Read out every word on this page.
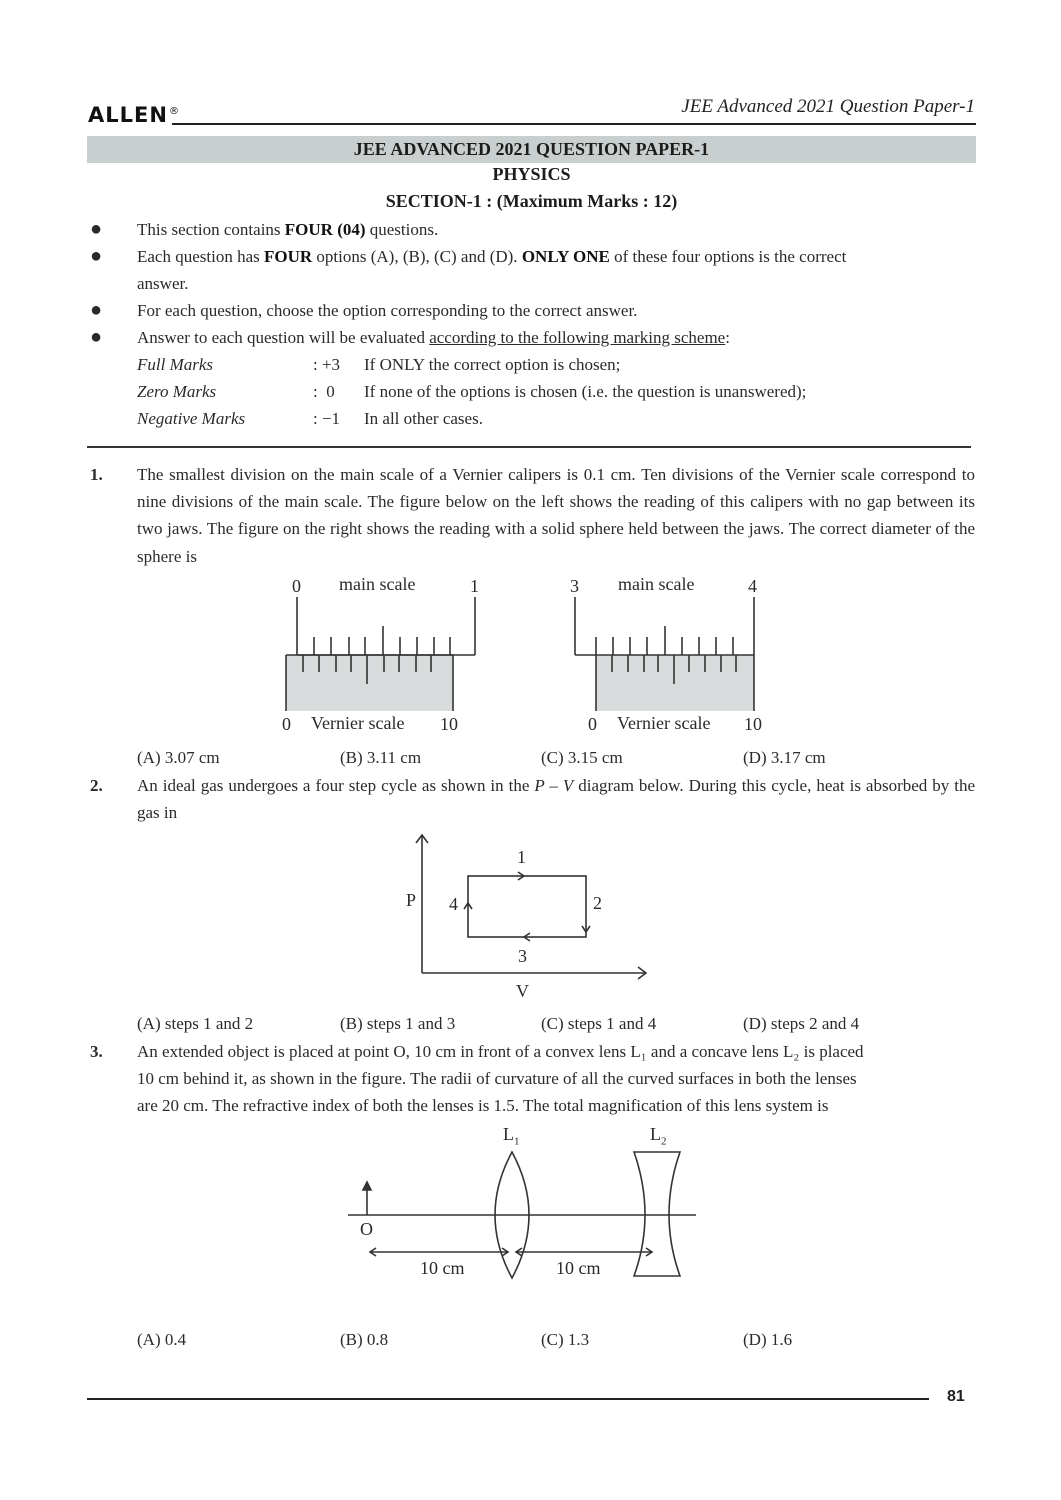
ALLEN®	JEE Advanced 2021 Question Paper-1
JEE ADVANCED 2021 QUESTION PAPER-1
PHYSICS
SECTION-1 : (Maximum Marks : 12)
● This section contains FOUR (04) questions.
● Each question has FOUR options (A), (B), (C) and (D). ONLY ONE of these four options is the correct
answer.
● For each question, choose the option corresponding to the correct answer.
● Answer to each question will be evaluated according to the following marking scheme:
Full Marks	: +3 If ONLY the correct option is chosen;
Zero Marks	:  0 If none of the options is chosen (i.e. the question is unanswered);
Negative Marks	: −1 In all other cases.
1. The smallest division on the main scale of a Vernier calipers is 0.1 cm. Ten divisions of the Vernier scale correspond to nine divisions of the main scale. The figure below on the left shows the reading of this calipers with no gap between its two jaws. The figure on the right shows the reading with a solid sphere held between the jaws. The correct diameter of the sphere is
0 main scale	1
0 Vernier scale 10
3 main scale	4
0 Vernier scale 10
(A) 3.07 cm	(B) 3.11 cm	(C) 3.15 cm	(D) 3.17 cm
2. An ideal gas undergoes a four step cycle as shown in the P – V diagram below. During this cycle, heat is absorbed by the gas in
1
2
3
4
P
V
(A) steps 1 and 2	(B) steps 1 and 3	(C) steps 1 and 4	(D) steps 2 and 4
3. An extended object is placed at point O, 10 cm in front of a convex lens L₁ and a concave lens L₂ is placed
10 cm behind it, as shown in the figure. The radii of curvature of all the curved surfaces in both the lenses
are 20 cm. The refractive index of both the lenses is 1.5. The total magnification of this lens system is
$L_1$	$L_2$
O
10 cm	10 cm
(A) 0.4	(B) 0.8	(C) 1.3	(D) 1.6
81
